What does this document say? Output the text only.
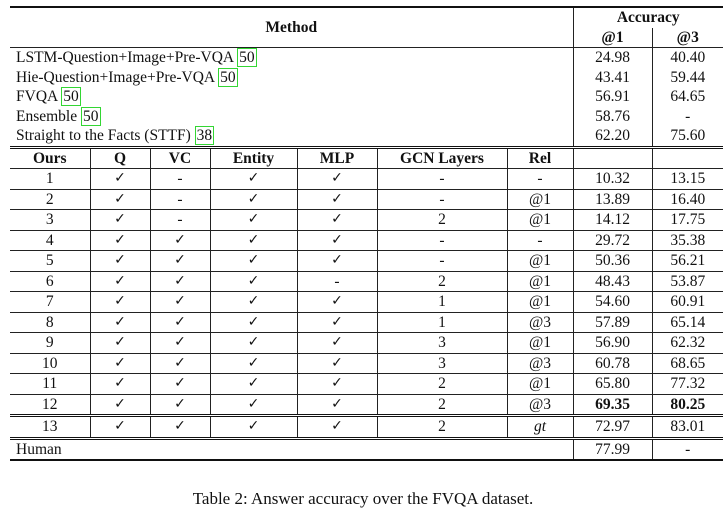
Method							Accuracy	
							@1	@3
LSTM-Question+Image+Pre-VQA 50							24.98	40.40
Hie-Question+Image+Pre-VQA 50							43.41	59.44
FVQA 50							56.91	64.65
Ensemble 50							58.76	-
Straight to the Facts (STTF) 38							62.20	75.60
Ours	Q	VC	Entity	MLP	GCN Layers	Rel		
1	✓	-	✓	✓	-	-	10.32	13.15
2	✓	-	✓	✓	-	@1	13.89	16.40
3	✓	-	✓	✓	2	@1	14.12	17.75
4	✓	✓	✓	✓	-	-	29.72	35.38
5	✓	✓	✓	✓	-	@1	50.36	56.21
6	✓	✓	✓	-	2	@1	48.43	53.87
7	✓	✓	✓	✓	1	@1	54.60	60.91
8	✓	✓	✓	✓	1	@3	57.89	65.14
9	✓	✓	✓	✓	3	@1	56.90	62.32
10	✓	✓	✓	✓	3	@3	60.78	68.65
11	✓	✓	✓	✓	2	@1	65.80	77.32
12	✓	✓	✓	✓	2	@3	69.35	80.25
13	✓	✓	✓	✓	2	gt	72.97	83.01
Human							77.99	-
Table 2: Answer accuracy over the FVQA dataset.
